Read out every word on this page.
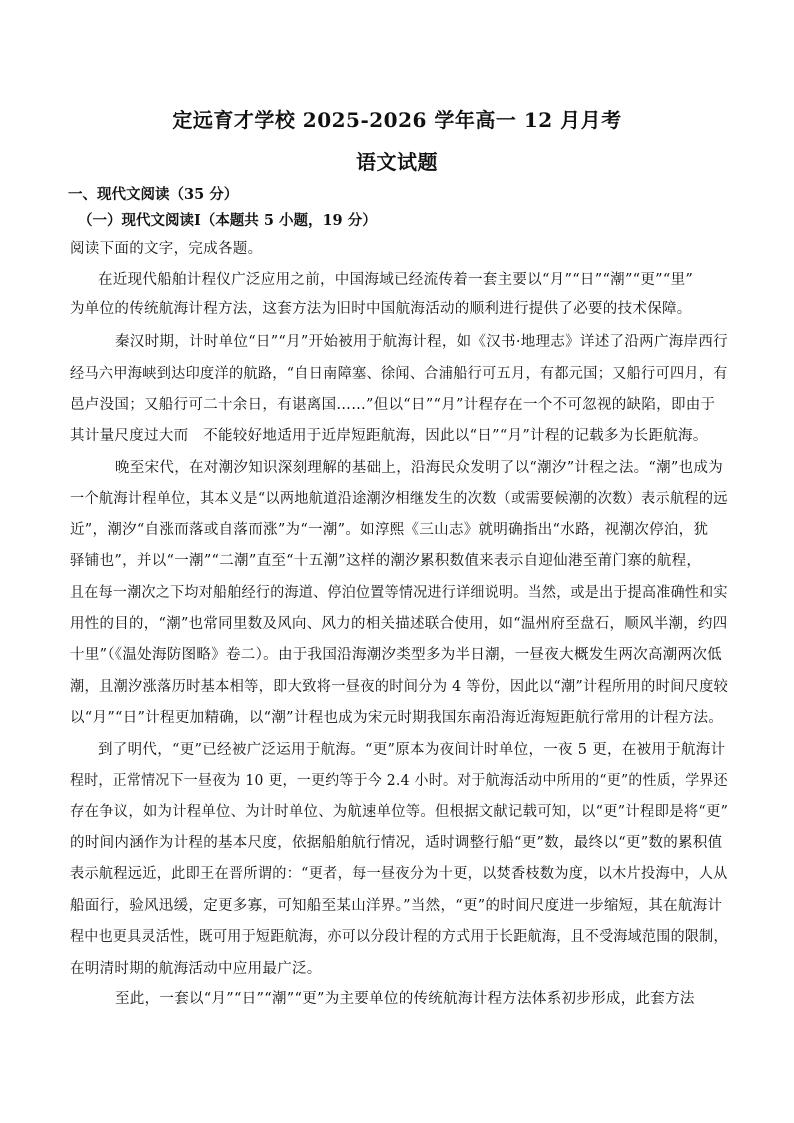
定远育才学校 2025-2026 学年高一 12 月月考
语文试题
一、现代文阅读（35 分）
（一）现代文阅读Ⅰ（本题共 5 小题，19 分）
阅读下面的文字，完成各题。
在近现代船舶计程仪广泛应用之前，中国海域已经流传着一套主要以“月”“日”“潮”“更”“里”
为单位的传统航海计程方法，这套方法为旧时中国航海活动的顺利进行提供了必要的技术保障。
秦汉时期，计时单位“日”“月”开始被用于航海计程，如《汉书·地理志》详述了沿两广海岸西行
经马六甲海峡到达印度洋的航路，“自日南障塞、徐闻、合浦船行可五月，有都元国；又船行可四月，有
邑卢没国；又船行可二十余日，有谌离国……”但以“日”“月”计程存在一个不可忽视的缺陷，即由于
其计量尺度过大而　不能较好地适用于近岸短距航海，因此以“日”“月”计程的记载多为长距航海。
晚至宋代，在对潮汐知识深刻理解的基础上，沿海民众发明了以“潮汐”计程之法。“潮”也成为
一个航海计程单位，其本义是“以两地航道沿途潮汐相继发生的次数（或需要候潮的次数）表示航程的远
近”，潮汐“自涨而落或自落而涨”为“一潮”。如淳熙《三山志》就明确指出“水路，视潮次停泊，犹
驿铺也”，并以“一潮”“二潮”直至“十五潮”这样的潮汐累积数值来表示自迎仙港至莆门寨的航程，
且在每一潮次之下均对船舶经行的海道、停泊位置等情况进行详细说明。当然，或是出于提高准确性和实
用性的目的，“潮”也常同里数及风向、风力的相关描述联合使用，如“温州府至盘石，顺风半潮，约四
十里”（《温处海防图略》卷二）。由于我国沿海潮汐类型多为半日潮，一昼夜大概发生两次高潮两次低
潮，且潮汐涨落历时基本相等，即大致将一昼夜的时间分为 4 等份，因此以“潮”计程所用的时间尺度较
以“月”“日”计程更加精确，以“潮”计程也成为宋元时期我国东南沿海近海短距航行常用的计程方法。
到了明代，“更”已经被广泛运用于航海。“更”原本为夜间计时单位，一夜 5 更，在被用于航海计
程时，正常情况下一昼夜为 10 更，一更约等于今 2.4 小时。对于航海活动中所用的“更”的性质，学界还
存在争议，如为计程单位、为计时单位、为航速单位等。但根据文献记载可知，以“更”计程即是将“更”
的时间内涵作为计程的基本尺度，依据船舶航行情况，适时调整行船“更”数，最终以“更”数的累积值
表示航程远近，此即王在晋所谓的：“更者，每一昼夜分为十更，以焚香枝数为度，以木片投海中，人从
船面行，验风迅缓，定更多寡，可知船至某山洋界。”当然，“更”的时间尺度进一步缩短，其在航海计
程中也更具灵活性，既可用于短距航海，亦可以分段计程的方式用于长距航海，且不受海域范围的限制，
在明清时期的航海活动中应用最广泛。
至此，一套以“月”“日”“潮”“更”为主要单位的传统航海计程方法体系初步形成，此套方法
